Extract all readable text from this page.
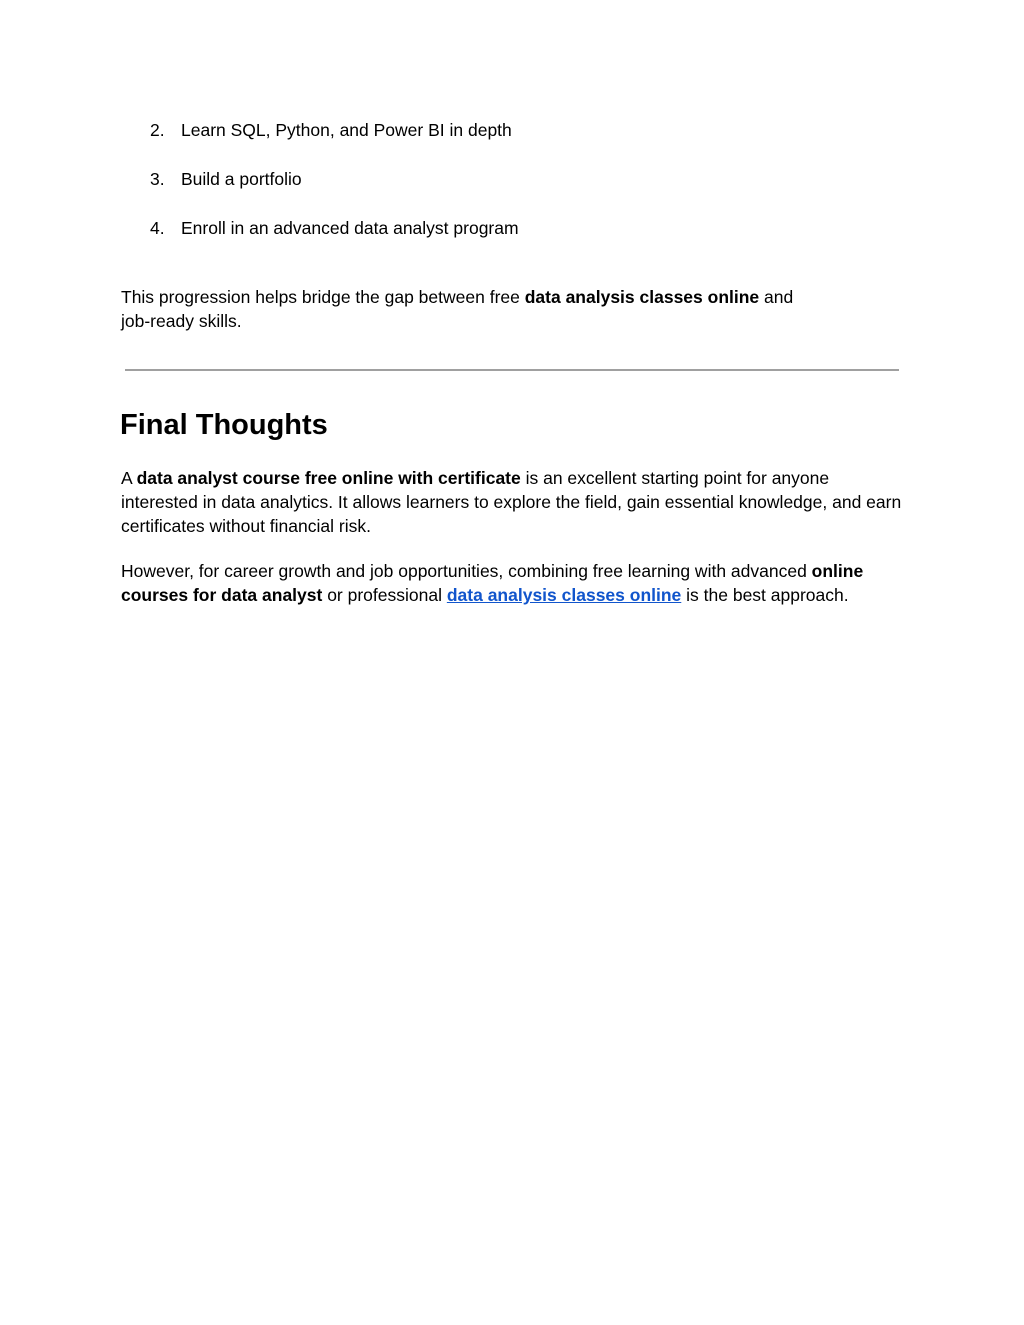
2. Learn SQL, Python, and Power BI in depth
3. Build a portfolio
4. Enroll in an advanced data analyst program

This progression helps bridge the gap between free data analysis classes online and
job-ready skills.

Final Thoughts

A data analyst course free online with certificate is an excellent starting point for anyone interested in data analytics. It allows learners to explore the field, gain essential knowledge, and earn certificates without financial risk.

However, for career growth and job opportunities, combining free learning with advanced online courses for data analyst or professional data analysis classes online is the best approach.
